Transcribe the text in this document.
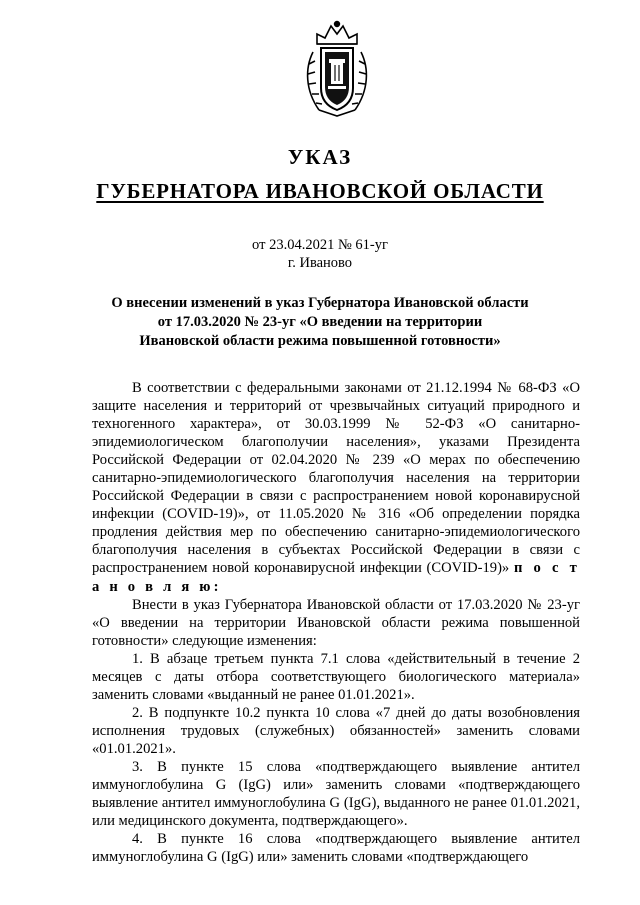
УКАЗ
ГУБЕРНАТОРА ИВАНОВСКОЙ ОБЛАСТИ
от 23.04.2021 № 61-уг
г. Иваново
О внесении изменений в указ Губернатора Ивановской области
от 17.03.2020 № 23-уг «О введении на территории
Ивановской области режима повышенной готовности»

В соответствии с федеральными законами от 21.12.1994 № 68-ФЗ «О защите населения и территорий от чрезвычайных ситуаций природного и техногенного характера», от 30.03.1999 № 52-ФЗ «О санитарно-эпидемиологическом благополучии населения», указами Президента Российской Федерации от 02.04.2020 № 239 «О мерах по обеспечению санитарно-эпидемиологического благополучия населения на территории Российской Федерации в связи с распространением новой коронавирусной инфекции (COVID-19)», от 11.05.2020 № 316 «Об определении порядка продления действия мер по обеспечению санитарно-эпидемиологического благополучия населения в субъектах Российской Федерации в связи с распространением новой коронавирусной инфекции (COVID-19)» п о с т а н о в л я ю:

Внести в указ Губернатора Ивановской области от 17.03.2020 № 23-уг «О введении на территории Ивановской области режима повышенной готовности» следующие изменения:

1. В абзаце третьем пункта 7.1 слова «действительный в течение 2 месяцев с даты отбора соответствующего биологического материала» заменить словами «выданный не ранее 01.01.2021».

2. В подпункте 10.2 пункта 10 слова «7 дней до даты возобновления исполнения трудовых (служебных) обязанностей» заменить словами «01.01.2021».

3. В пункте 15 слова «подтверждающего выявление антител иммуноглобулина G (IgG) или» заменить словами «подтверждающего выявление антител иммуноглобулина G (IgG), выданного не ранее 01.01.2021, или медицинского документа, подтверждающего».

4. В пункте 16 слова «подтверждающего выявление антител иммуноглобулина G (IgG) или» заменить словами «подтверждающего
